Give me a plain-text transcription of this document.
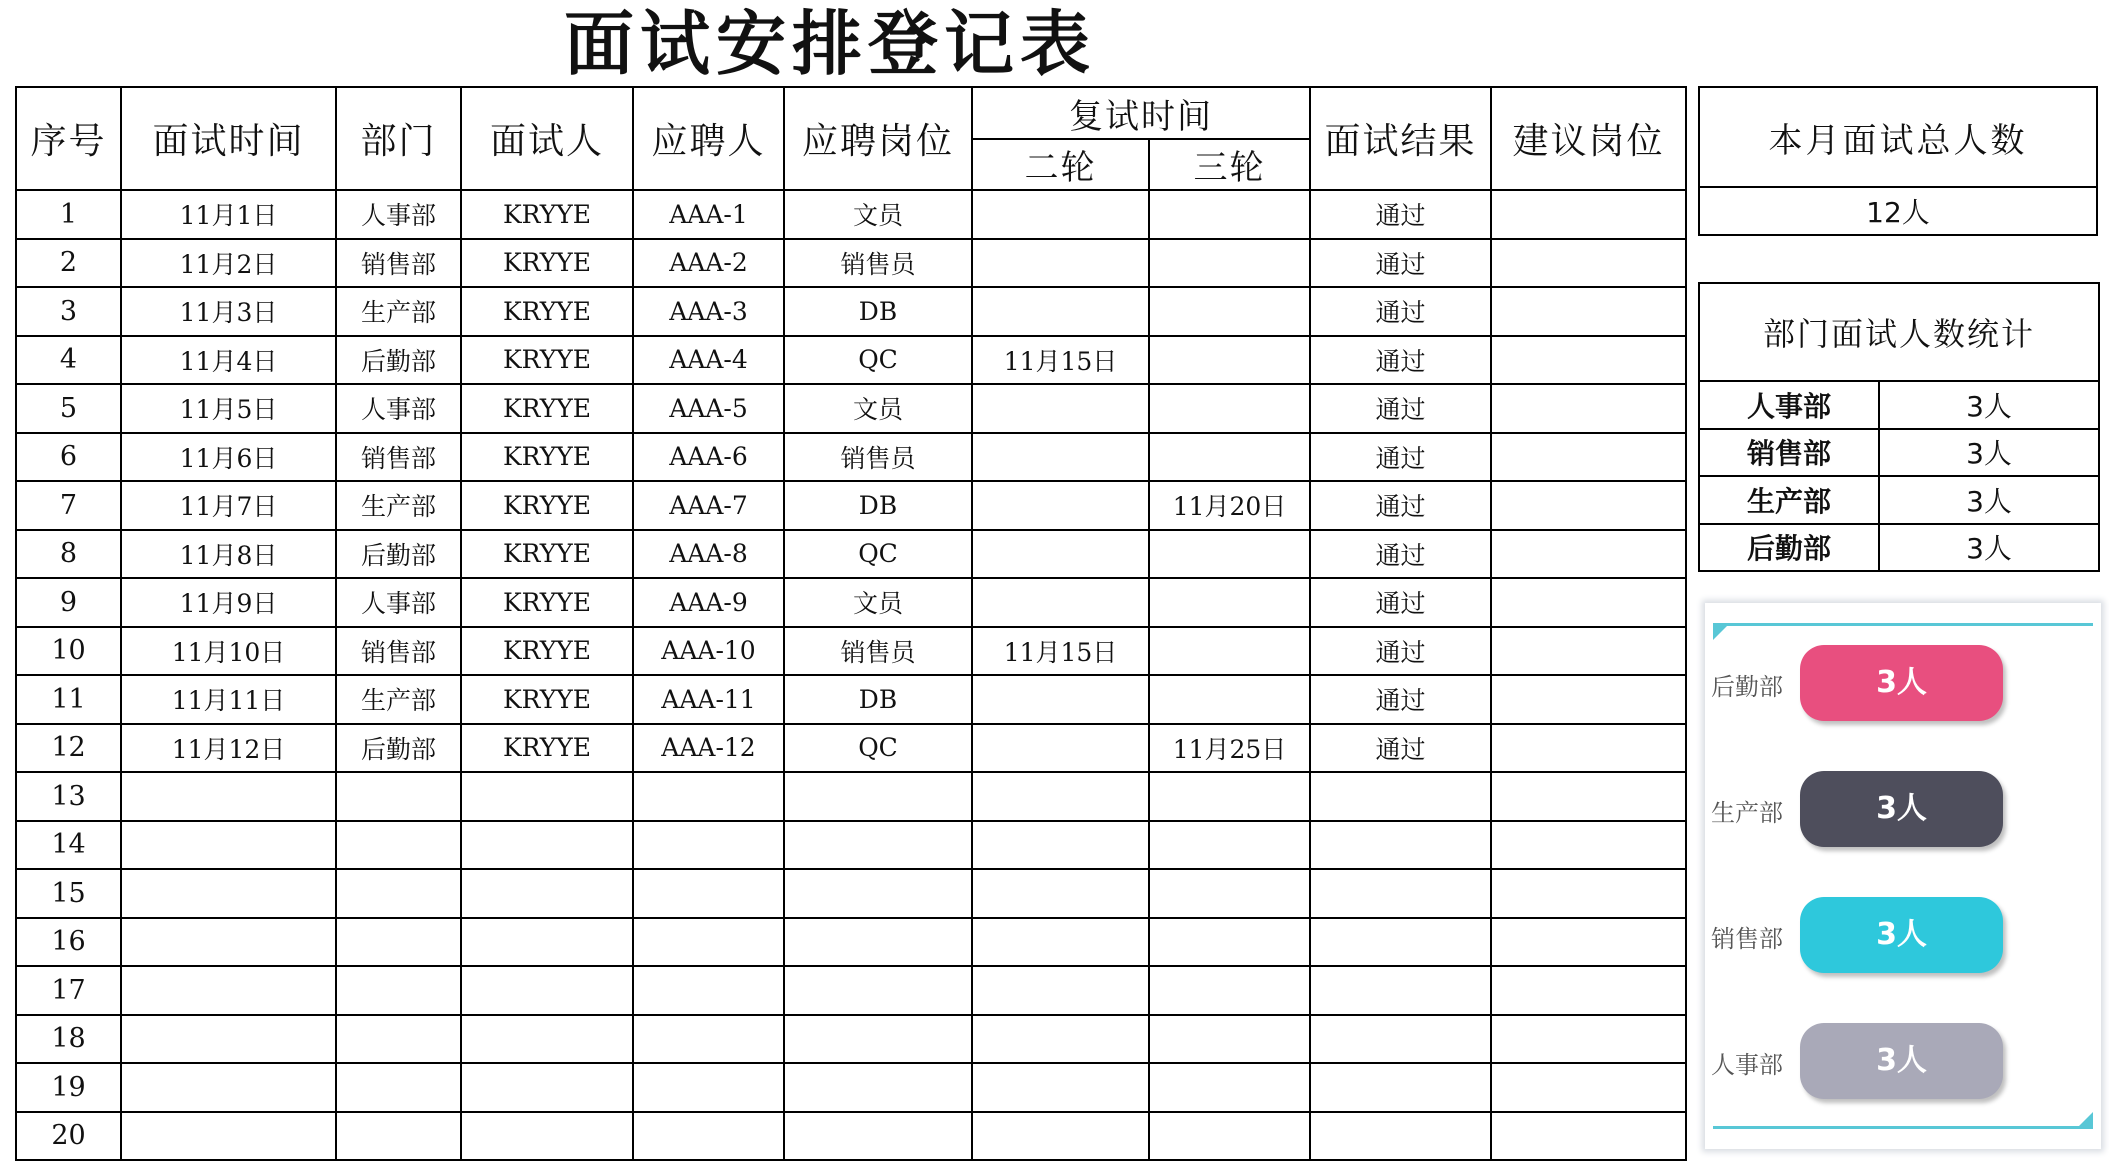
面试安排登记表
序号	面试时间	部门	面试人	应聘人	应聘岗位	复试时间		面试结果	建议岗位
						二轮	三轮		
1	11月1日	人事部	KRYYE	AAA-1	文员			通过	
2	11月2日	销售部	KRYYE	AAA-2	销售员			通过	
3	11月3日	生产部	KRYYE	AAA-3	DB			通过	
4	11月4日	后勤部	KRYYE	AAA-4	QC	11月15日		通过	
5	11月5日	人事部	KRYYE	AAA-5	文员			通过	
6	11月6日	销售部	KRYYE	AAA-6	销售员			通过	
7	11月7日	生产部	KRYYE	AAA-7	DB		11月20日	通过	
8	11月8日	后勤部	KRYYE	AAA-8	QC			通过	
9	11月9日	人事部	KRYYE	AAA-9	文员			通过	
10	11月10日	销售部	KRYYE	AAA-10	销售员	11月15日		通过	
11	11月11日	生产部	KRYYE	AAA-11	DB			通过	
12	11月12日	后勤部	KRYYE	AAA-12	QC		11月25日	通过	
13									
14									
15									
16									
17									
18									
19									
20									
本月面试总人数
12人
部门面试人数统计	
人事部	3人
销售部	3人
生产部	3人
后勤部	3人
后勤部	3人
生产部	3人
销售部	3人
人事部	3人
